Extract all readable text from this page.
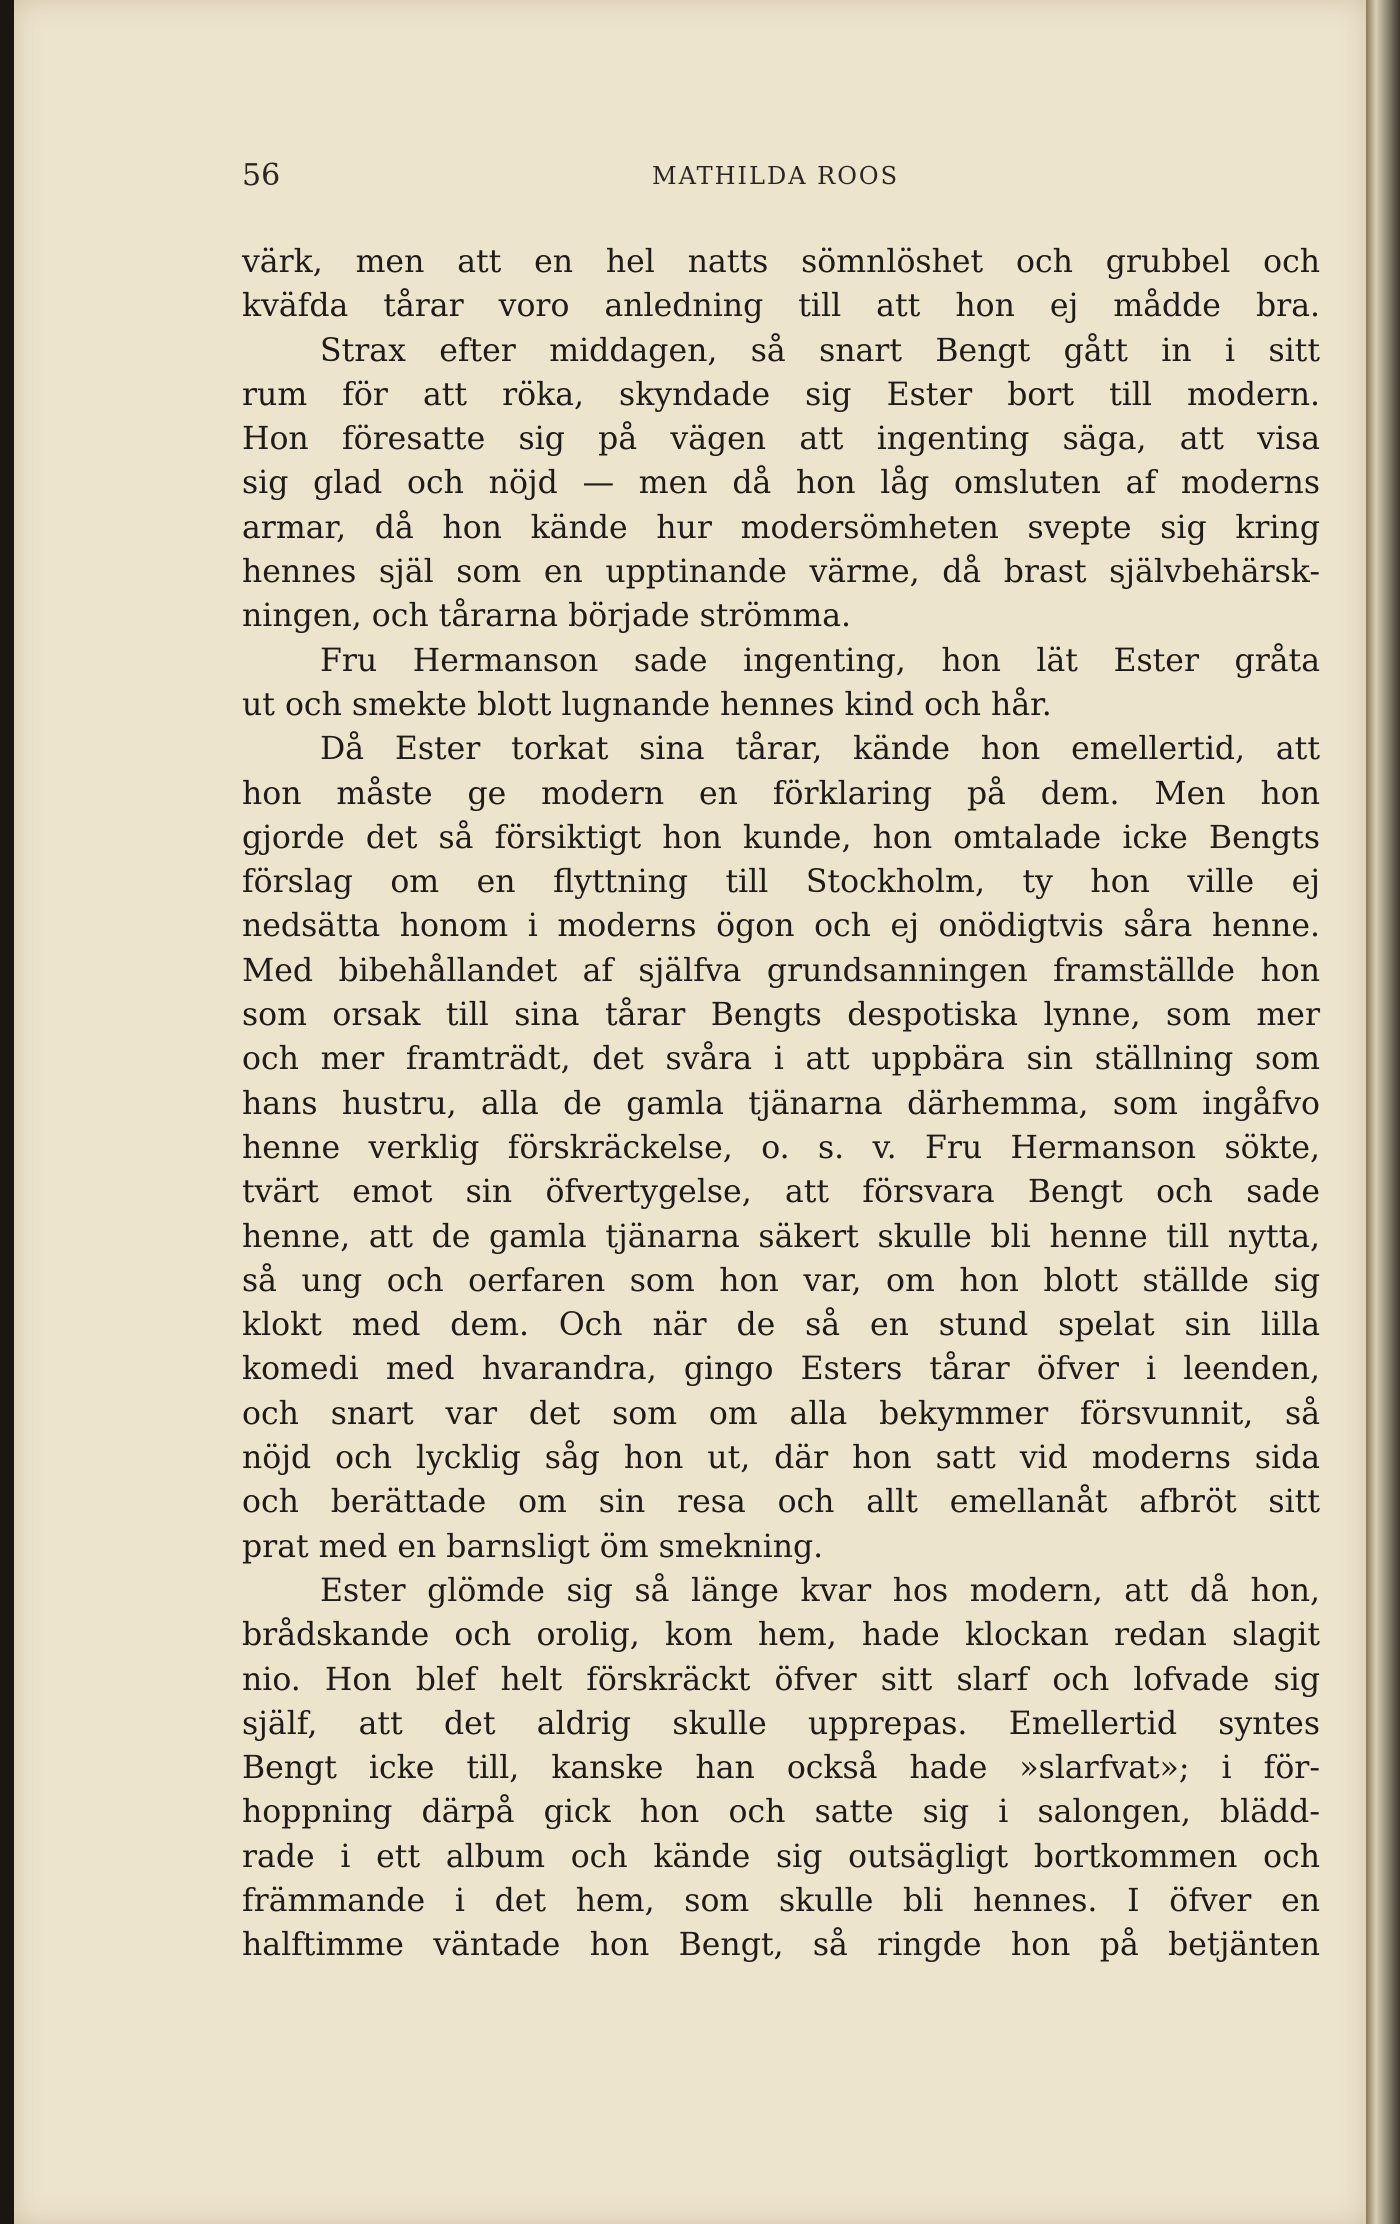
56	MATHILDA ROOS
värk, men att en hel natts sömnlöshet och grubbel och
kväfda tårar voro anledning till att hon ej mådde bra.
Strax efter middagen, så snart Bengt gått in i sitt
rum för att röka, skyndade sig Ester bort till modern.
Hon föresatte sig på vägen att ingenting säga, att visa
sig glad och nöjd — men då hon låg omsluten af moderns
armar, då hon kände hur modersömheten svepte sig kring
hennes själ som en upptinande värme, då brast självbehärsk-
ningen, och tårarna började strömma.
Fru Hermanson sade ingenting, hon lät Ester gråta
ut och smekte blott lugnande hennes kind och hår.
Då Ester torkat sina tårar, kände hon emellertid, att
hon måste ge modern en förklaring på dem. Men hon
gjorde det så försiktigt hon kunde, hon omtalade icke Bengts
förslag om en flyttning till Stockholm, ty hon ville ej
nedsätta honom i moderns ögon och ej onödigtvis såra henne.
Med bibehållandet af själfva grundsanningen framställde hon
som orsak till sina tårar Bengts despotiska lynne, som mer
och mer framträdt, det svåra i att uppbära sin ställning som
hans hustru, alla de gamla tjänarna därhemma, som ingåfvo
henne verklig förskräckelse, o. s. v. Fru Hermanson sökte,
tvärt emot sin öfvertygelse, att försvara Bengt och sade
henne, att de gamla tjänarna säkert skulle bli henne till nytta,
så ung och oerfaren som hon var, om hon blott ställde sig
klokt med dem. Och när de så en stund spelat sin lilla
komedi med hvarandra, gingo Esters tårar öfver i leenden,
och snart var det som om alla bekymmer försvunnit, så
nöjd och lycklig såg hon ut, där hon satt vid moderns sida
och berättade om sin resa och allt emellanåt afbröt sitt
prat med en barnsligt öm smekning.
Ester glömde sig så länge kvar hos modern, att då hon,
brådskande och orolig, kom hem, hade klockan redan slagit
nio. Hon blef helt förskräckt öfver sitt slarf och lofvade sig
själf, att det aldrig skulle upprepas. Emellertid syntes
Bengt icke till, kanske han också hade »slarfvat»; i för-
hoppning därpå gick hon och satte sig i salongen, blädd-
rade i ett album och kände sig outsägligt bortkommen och
främmande i det hem, som skulle bli hennes. I öfver en
halftimme väntade hon Bengt, så ringde hon på betjänten
